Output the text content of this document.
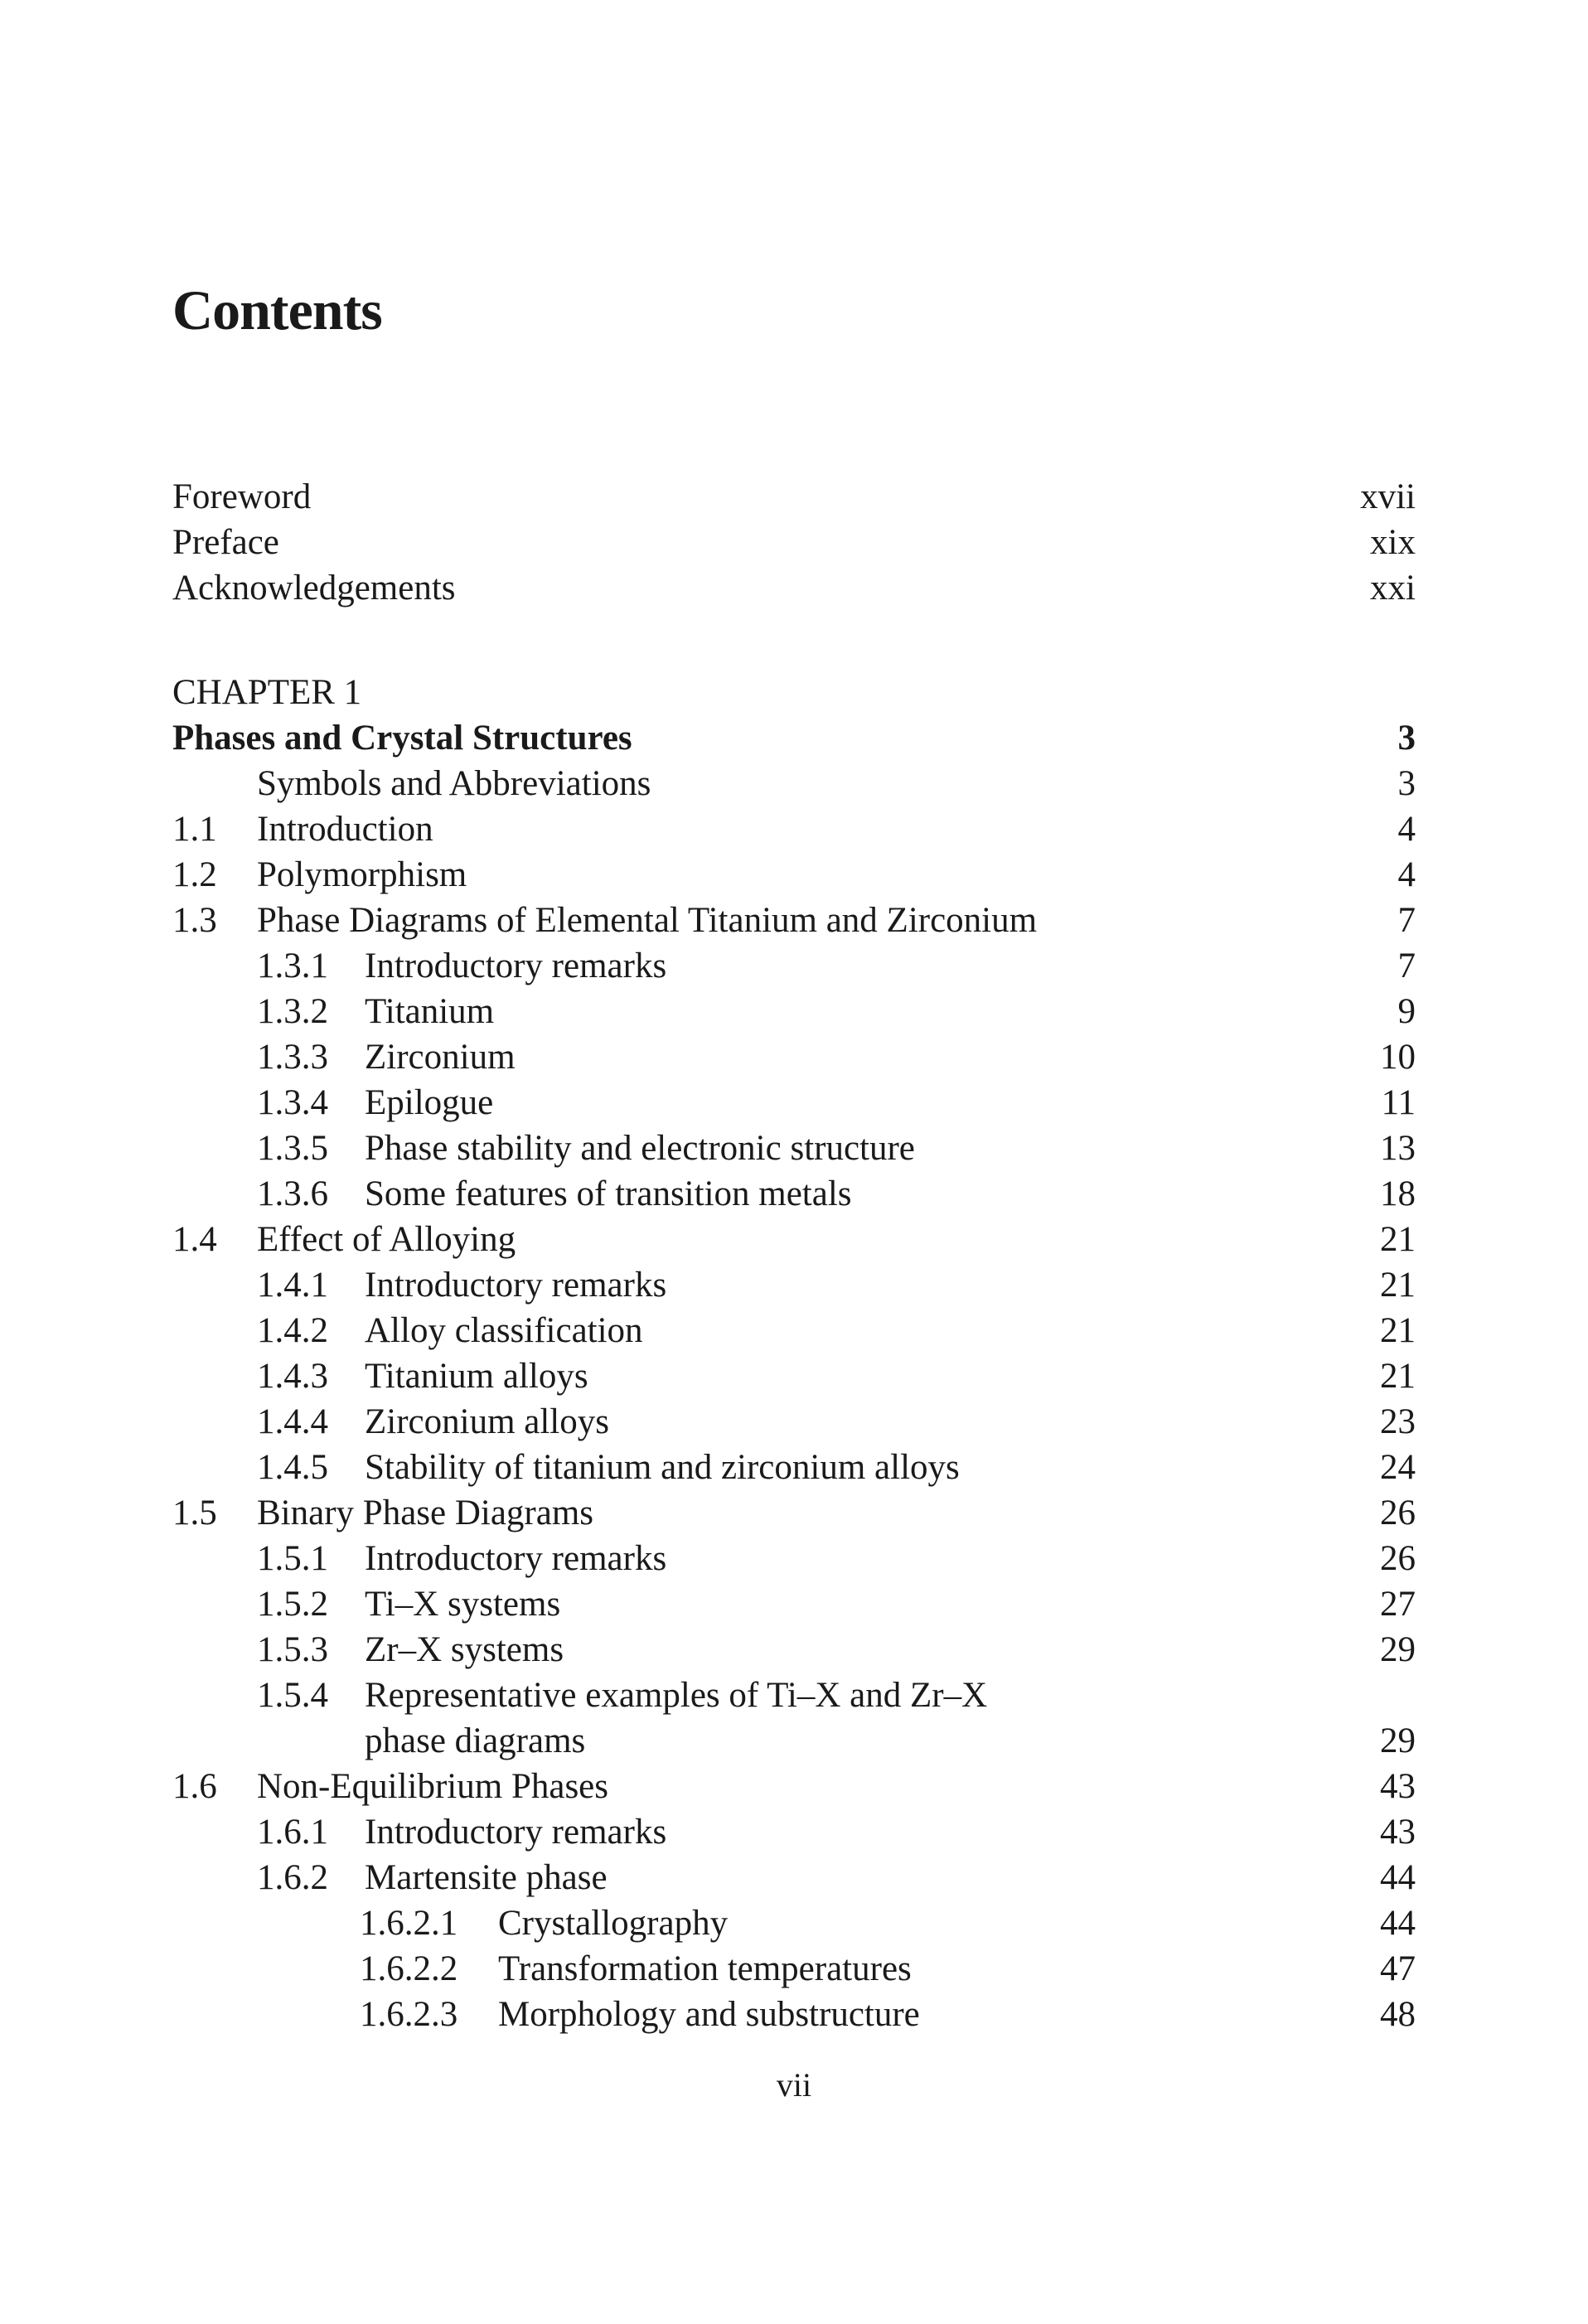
Contents
Foreword	xvii
Preface	xix
Acknowledgements	xxi
CHAPTER 1
Phases and Crystal Structures	3
Symbols and Abbreviations	3
1.1 Introduction	4
1.2 Polymorphism	4
1.3 Phase Diagrams of Elemental Titanium and Zirconium	7
1.3.1 Introductory remarks	7
1.3.2 Titanium	9
1.3.3 Zirconium	10
1.3.4 Epilogue	11
1.3.5 Phase stability and electronic structure	13
1.3.6 Some features of transition metals	18
1.4 Effect of Alloying	21
1.4.1 Introductory remarks	21
1.4.2 Alloy classification	21
1.4.3 Titanium alloys	21
1.4.4 Zirconium alloys	23
1.4.5 Stability of titanium and zirconium alloys	24
1.5 Binary Phase Diagrams	26
1.5.1 Introductory remarks	26
1.5.2 Ti–X systems	27
1.5.3 Zr–X systems	29
1.5.4 Representative examples of Ti–X and Zr–X
phase diagrams	29
1.6 Non-Equilibrium Phases	43
1.6.1 Introductory remarks	43
1.6.2 Martensite phase	44
1.6.2.1 Crystallography	44
1.6.2.2 Transformation temperatures	47
1.6.2.3 Morphology and substructure	48
vii
